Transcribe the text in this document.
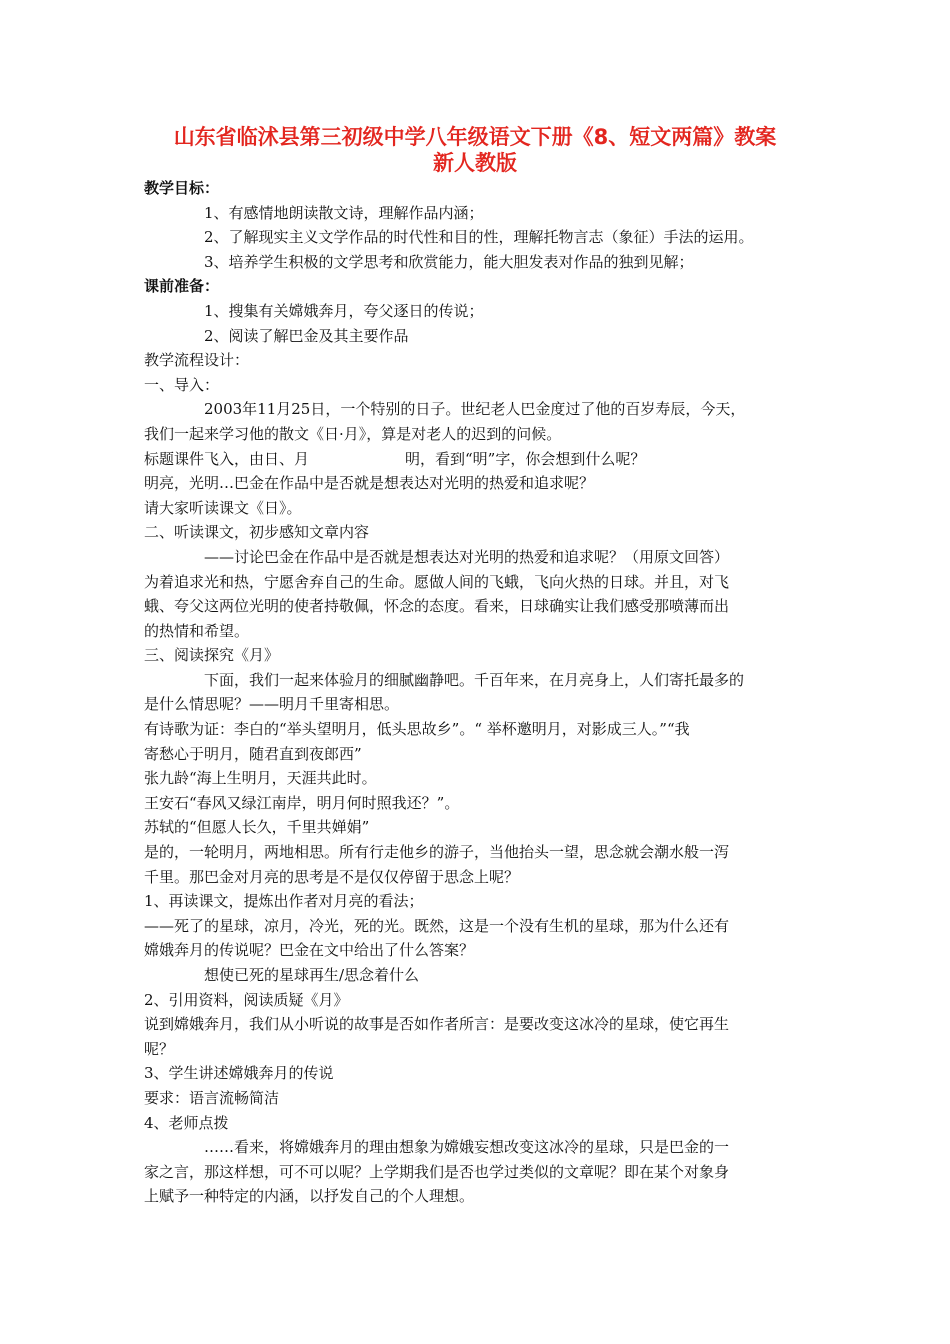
山东省临沭县第三初级中学八年级语文下册《8、短文两篇》教案
新人教版
教学目标：
1、有感情地朗读散文诗，理解作品内涵；
2、了解现实主义文学作品的时代性和目的性，理解托物言志（象征）手法的运用。
3、培养学生积极的文学思考和欣赏能力，能大胆发表对作品的独到见解；
课前准备：
1、搜集有关嫦娥奔月，夸父逐日的传说；
2、阅读了解巴金及其主要作品
教学流程设计：
一、导入：
2003年11月25日，一个特别的日子。世纪老人巴金度过了他的百岁寿辰，今天，
我们一起来学习他的散文《日·月》，算是对老人的迟到的问候。
标题课件飞入，由日、月	明，看到“明”字，你会想到什么呢？
明亮，光明…巴金在作品中是否就是想表达对光明的热爱和追求呢？
请大家听读课文《日》。
二、听读课文，初步感知文章内容
——讨论巴金在作品中是否就是想表达对光明的热爱和追求呢？（用原文回答）
为着追求光和热，宁愿舍弃自己的生命。愿做人间的飞蛾，飞向火热的日球。并且，对飞
蛾、夸父这两位光明的使者持敬佩，怀念的态度。看来，日球确实让我们感受那喷薄而出
的热情和希望。
三、阅读探究《月》
下面，我们一起来体验月的细腻幽静吧。千百年来，在月亮身上，人们寄托最多的
是什么情思呢？——明月千里寄相思。
有诗歌为证：李白的“举头望明月，低头思故乡”。“ 举杯邀明月，对影成三人。”“我
寄愁心于明月，随君直到夜郎西”
张九龄“海上生明月，天涯共此时。
王安石“春风又绿江南岸，明月何时照我还？”。
苏轼的“但愿人长久，千里共婵娟”
是的，一轮明月，两地相思。所有行走他乡的游子，当他抬头一望，思念就会潮水般一泻
千里。那巴金对月亮的思考是不是仅仅停留于思念上呢？
1、再读课文，提炼出作者对月亮的看法；
——死了的星球，凉月，冷光，死的光。既然，这是一个没有生机的星球，那为什么还有
嫦娥奔月的传说呢？巴金在文中给出了什么答案？
想使已死的星球再生/思念着什么
2、引用资料，阅读质疑《月》
说到嫦娥奔月，我们从小听说的故事是否如作者所言：是要改变这冰冷的星球，使它再生
呢？
3、学生讲述嫦娥奔月的传说
要求：语言流畅简洁
4、老师点拨
……看来，将嫦娥奔月的理由想象为嫦娥妄想改变这冰冷的星球，只是巴金的一
家之言，那这样想，可不可以呢？上学期我们是否也学过类似的文章呢？即在某个对象身
上赋予一种特定的内涵，以抒发自己的个人理想。
